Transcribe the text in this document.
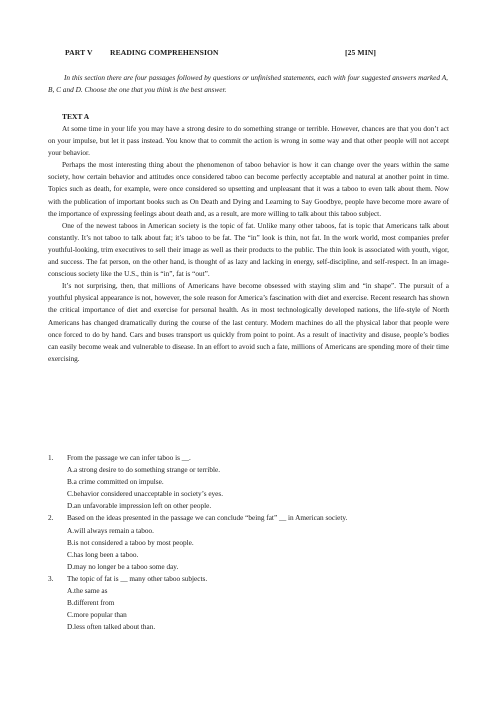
PART V READING COMPREHENSION	[25 MIN]
In this section there are four passages followed by questions or unfinished statements, each with four suggested answers marked A, B, C and D. Choose the one that you think is the best answer.
TEXT A

At some time in your life you may have a strong desire to do something strange or terrible. However, chances are that you don’t act on your impulse, but let it pass instead. You know that to commit the action is wrong in some way and that other people will not accept your behavior.

Perhaps the most interesting thing about the phenomenon of taboo behavior is how it can change over the years within the same society, how certain behavior and attitudes once considered taboo can become perfectly acceptable and natural at another point in time. Topics such as death, for example, were once considered so upsetting and unpleasant that it was a taboo to even talk about them. Now with the publication of important books such as On Death and Dying and Learning to Say Goodbye, people have become more aware of the importance of expressing feelings about death and, as a result, are more willing to talk about this taboo subject.

One of the newest taboos in American society is the topic of fat. Unlike many other taboos, fat is topic that Americans talk about constantly. It’s not taboo to talk about fat; it’s taboo to be fat. The “in” look is thin, not fat. In the work world, most companies prefer youthful-looking, trim executives to sell their image as well as their products to the public. The thin look is associated with youth, vigor, and success. The fat person, on the other hand, is thought of as lazy and lacking in energy, self-discipline, and self-respect. In an image-conscious society like the U.S., thin is “in”, fat is “out”.

It’s not surprising, then, that millions of Americans have become obsessed with staying slim and “in shape”. The pursuit of a youthful physical appearance is not, however, the sole reason for America’s fascination with diet and exercise. Recent research has shown the critical importance of diet and exercise for personal health. As in most technologically developed nations, the life-style of North Americans has changed dramatically during the course of the last century. Modern machines do all the physical labor that people were once forced to do by hand. Cars and buses transport us quickly from point to point. As a result of inactivity and disuse, people’s bodies can easily become weak and vulnerable to disease. In an effort to avoid such a fate, millions of Americans are spending more of their time exercising.

1. From the passage we can infer taboo is __.
A.a strong desire to do something strange or terrible.
B.a crime committed on impulse.
C.behavior considered unacceptable in society’s eyes.
D.an unfavorable impression left on other people.
2. Based on the ideas presented in the passage we can conclude “being fat” __ in American society.
A.will always remain a taboo.
B.is not considered a taboo by most people.
C.has long been a taboo.
D.may no longer be a taboo some day.
3. The topic of fat is __ many other taboo subjects.
A.the same as
B.different from
C.more popular than
D.less often talked about than.
